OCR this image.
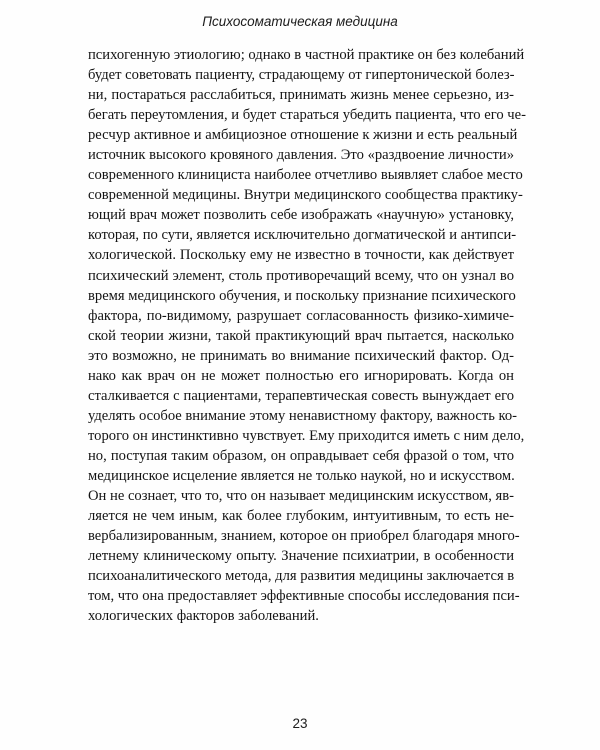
Психосоматическая медицина
психогенную этиологию; однако в частной практике он без колебаний
будет советовать пациенту, страдающему от гипертонической болез-
ни, постараться расслабиться, принимать жизнь менее серьезно, из-
бегать переутомления, и будет стараться убедить пациента, что его че-
ресчур активное и амбициозное отношение к жизни и есть реальный
источник высокого кровяного давления. Это «раздвоение личности»
современного клинициста наиболее отчетливо выявляет слабое место
современной медицины. Внутри медицинского сообщества практику-
ющий врач может позволить себе изображать «научную» установку,
которая, по сути, является исключительно догматической и антипси-
хологической. Поскольку ему не известно в точности, как действует
психический элемент, столь противоречащий всему, что он узнал во
время медицинского обучения, и поскольку признание психического
фактора, по-видимому, разрушает согласованность физико-химиче-
ской теории жизни, такой практикующий врач пытается, насколько
это возможно, не принимать во внимание психический фактор. Од-
нако как врач он не может полностью его игнорировать. Когда он
сталкивается с пациентами, терапевтическая совесть вынуждает его
уделять особое внимание этому ненавистному фактору, важность ко-
торого он инстинктивно чувствует. Ему приходится иметь с ним дело,
но, поступая таким образом, он оправдывает себя фразой о том, что
медицинское исцеление является не только наукой, но и искусством.
Он не сознает, что то, что он называет медицинским искусством, яв-
ляется не чем иным, как более глубоким, интуитивным, то есть не-
вербализированным, знанием, которое он приобрел благодаря много-
летнему клиническому опыту. Значение психиатрии, в особенности
психоаналитического метода, для развития медицины заключается в
том, что она предоставляет эффективные способы исследования пси-
хологических факторов заболеваний.
23
